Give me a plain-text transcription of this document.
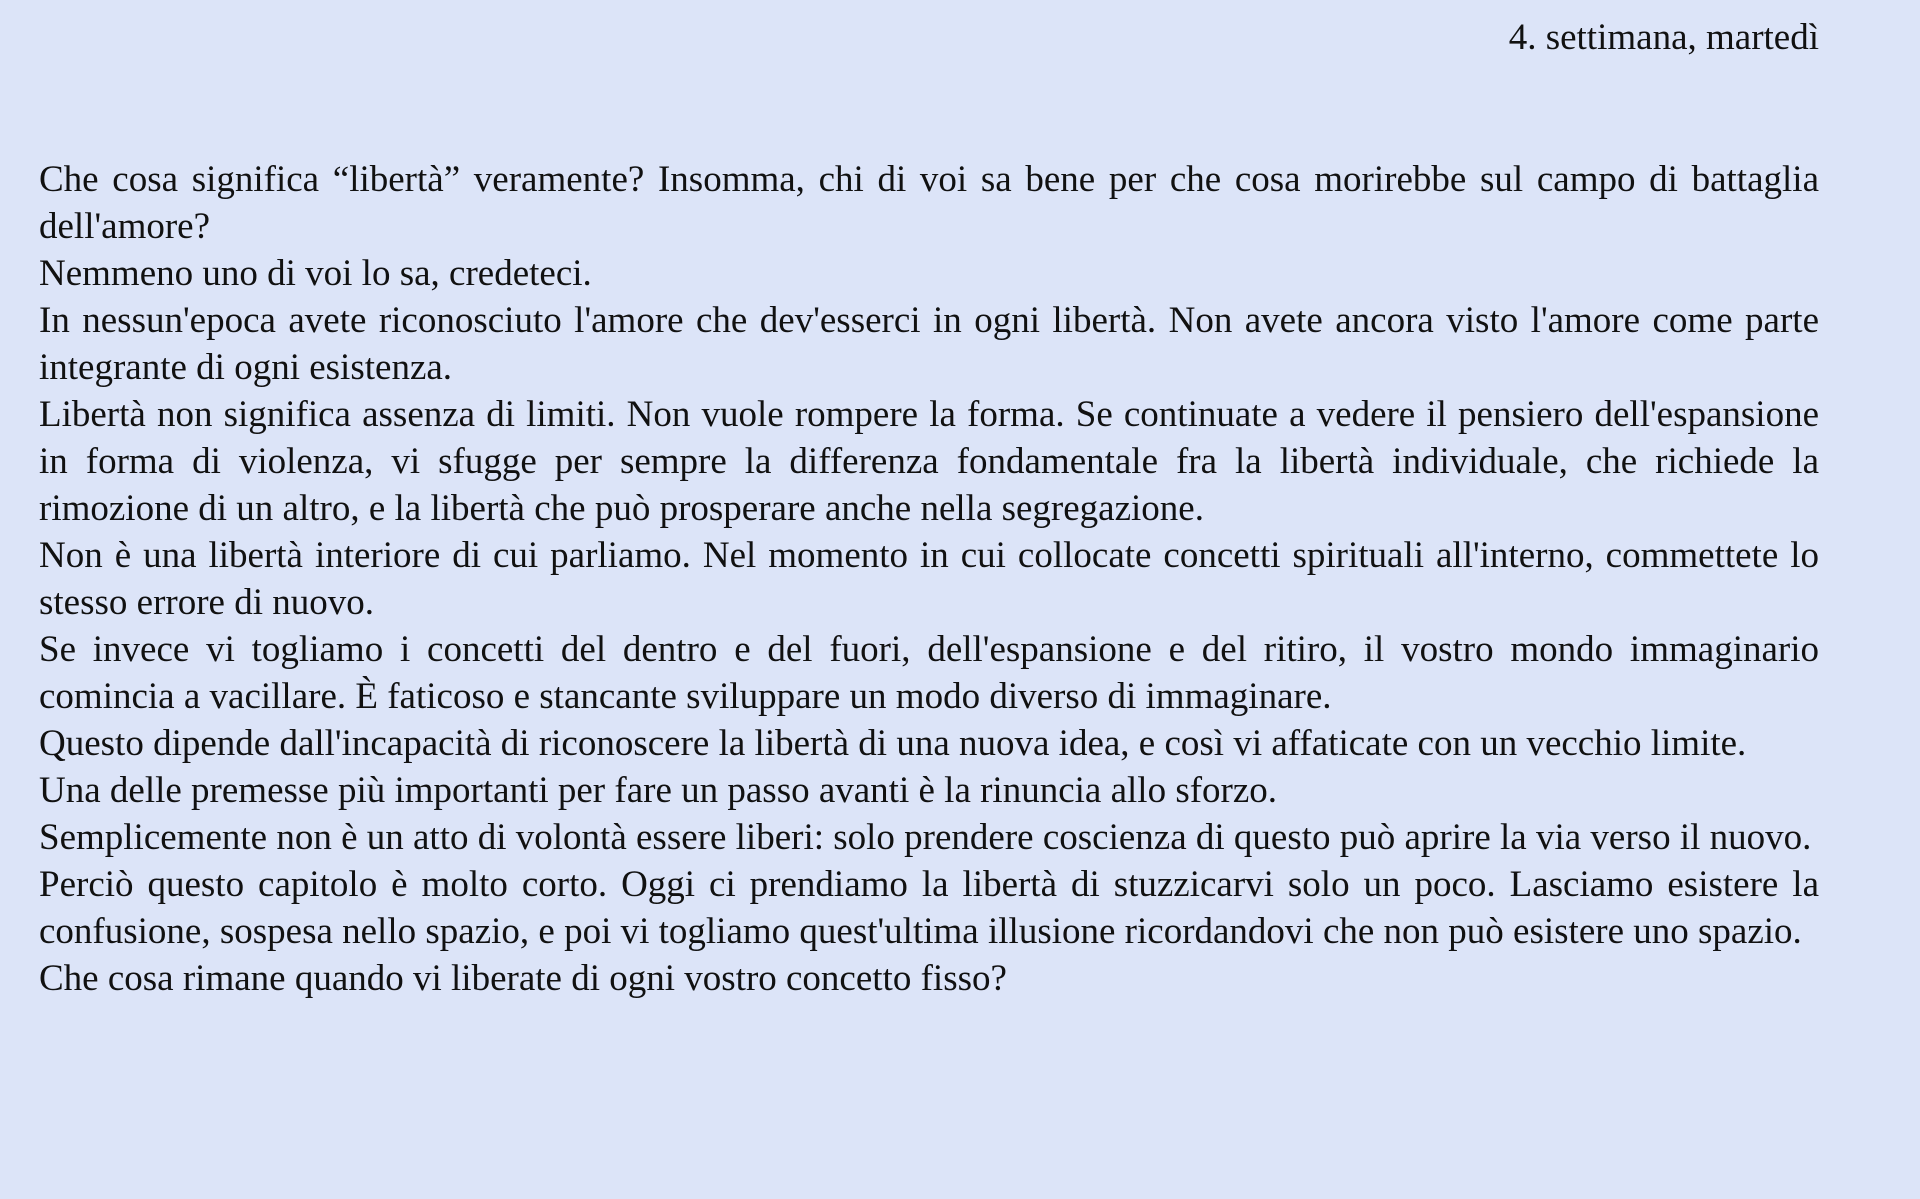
4. settimana, martedì

Che cosa significa “libertà” veramente? Insomma, chi di voi sa bene per che cosa morirebbe sul campo di battaglia dell'amore?

Nemmeno uno di voi lo sa, credeteci.

In nessun'epoca avete riconosciuto l'amore che dev'esserci in ogni libertà. Non avete ancora visto l'amore come parte integrante di ogni esistenza.

Libertà non significa assenza di limiti. Non vuole rompere la forma. Se continuate a vedere il pensiero dell'espansione in forma di violenza, vi sfugge per sempre la differenza fondamentale fra la libertà individuale, che richiede la rimozione di un altro, e la libertà che può prosperare anche nella segregazione.

Non è una libertà interiore di cui parliamo. Nel momento in cui collocate concetti spirituali all'interno, commettete lo stesso errore di nuovo.

Se invece vi togliamo i concetti del dentro e del fuori, dell'espansione e del ritiro, il vostro mondo immaginario comincia a vacillare. È faticoso e stancante sviluppare un modo diverso di immaginare.

Questo dipende dall'incapacità di riconoscere la libertà di una nuova idea, e così vi affaticate con un vecchio limite.

Una delle premesse più importanti per fare un passo avanti è la rinuncia allo sforzo.

Semplicemente non è un atto di volontà essere liberi: solo prendere coscienza di questo può aprire la via verso il nuovo.

Perciò questo capitolo è molto corto. Oggi ci prendiamo la libertà di stuzzicarvi solo un poco. Lasciamo esistere la confusione, sospesa nello spazio, e poi vi togliamo quest'ultima illusione ricordandovi che non può esistere uno spazio.

Che cosa rimane quando vi liberate di ogni vostro concetto fisso?
